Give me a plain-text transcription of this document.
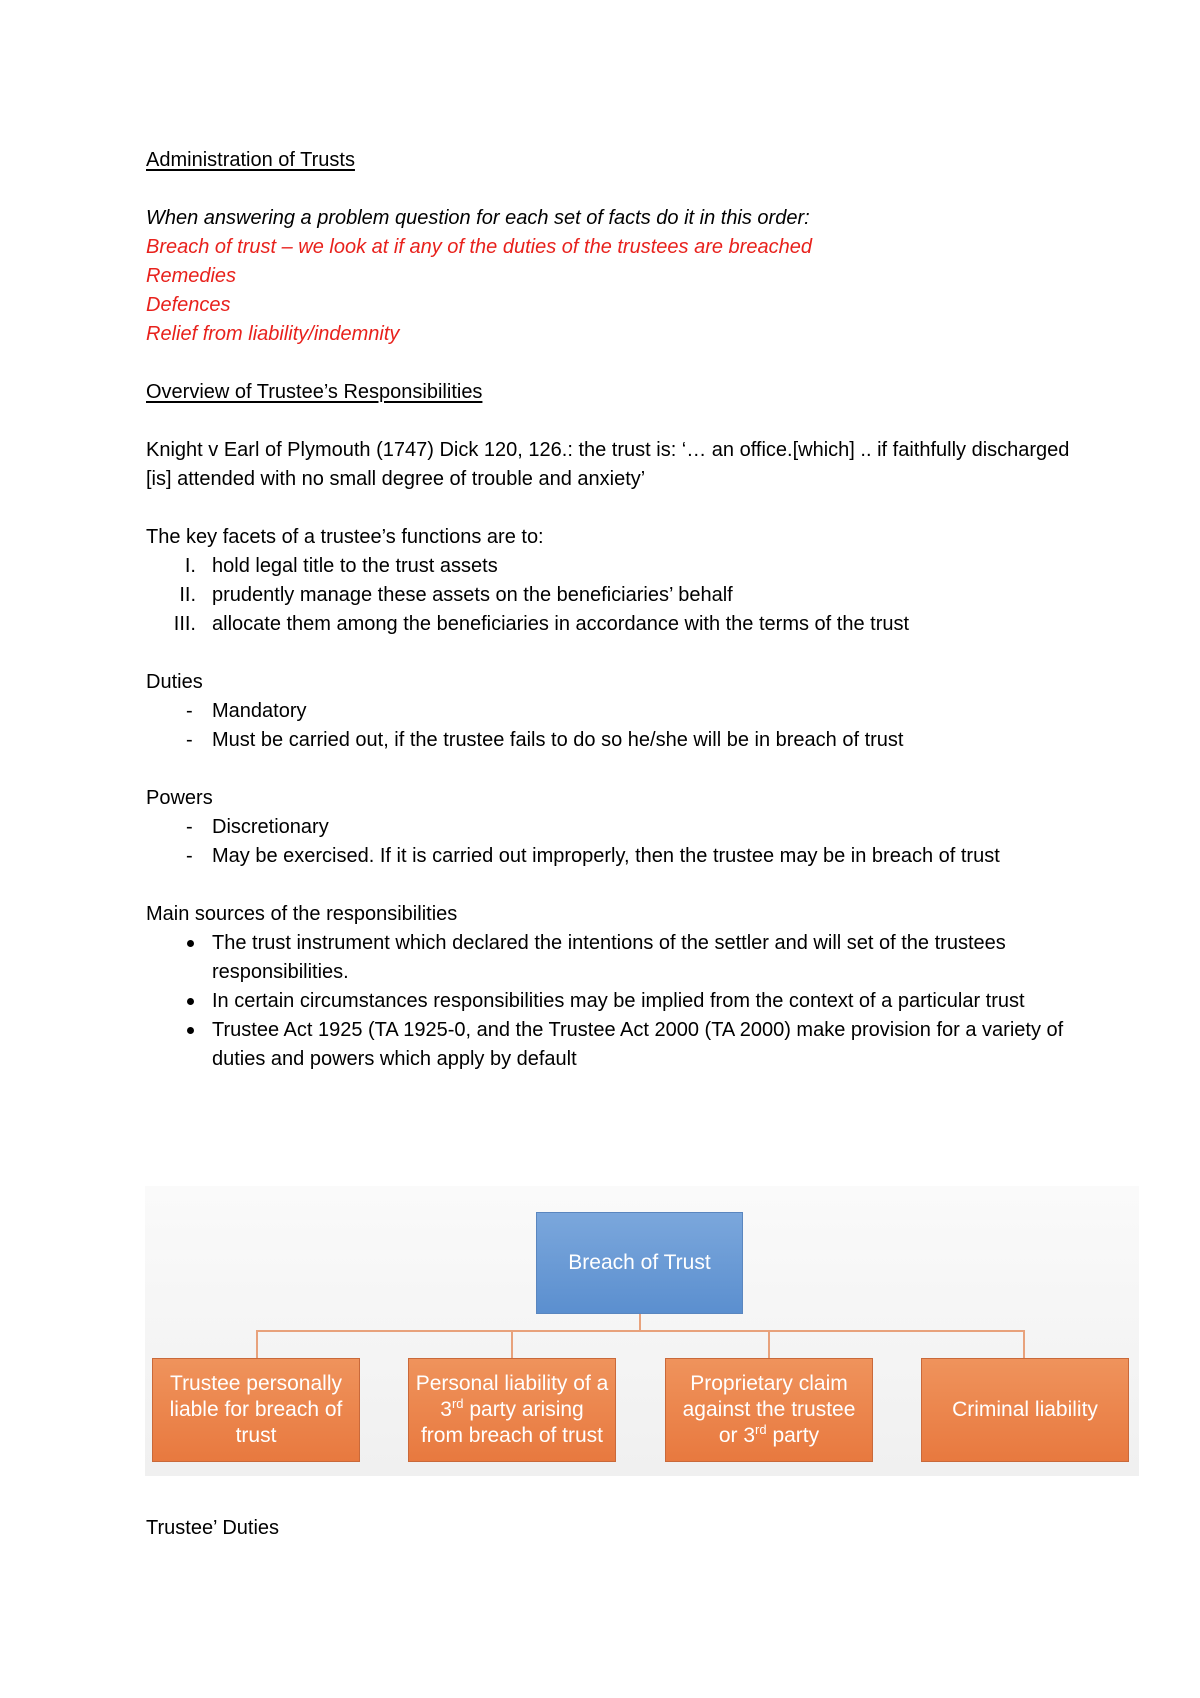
Administration of Trusts

When answering a problem question for each set of facts do it in this order:

Breach of trust – we look at if any of the duties of the trustees are breached

Remedies

Defences

Relief from liability/indemnity

Overview of Trustee’s Responsibilities

Knight v Earl of Plymouth (1747) Dick 120, 126.: the trust is: ‘… an office.[which] .. if faithfully discharged [is] attended with no small degree of trouble and anxiety’

The key facets of a trustee’s functions are to:

I. hold legal title to the trust assets
II. prudently manage these assets on the beneficiaries’ behalf
III. allocate them among the beneficiaries in accordance with the terms of the trust

Duties

- Mandatory
- Must be carried out, if the trustee fails to do so he/she will be in breach of trust

Powers

- Discretionary
- May be exercised. If it is carried out improperly, then the trustee may be in breach of trust

Main sources of the responsibilities

The trust instrument which declared the intentions of the settler and will set of the trustees responsibilities.
In certain circumstances responsibilities may be implied from the context of a particular trust
Trustee Act 1925 (TA 1925-0, and the Trustee Act 2000 (TA 2000) make provision for a variety of duties and powers which apply by default
Breach of Trust
Trustee personally
liable for breach of
trust
Personal liability of a
3rd party arising
from breach of trust
Proprietary claim
against the trustee
or 3rd party
Criminal liability

Trustee’ Duties
